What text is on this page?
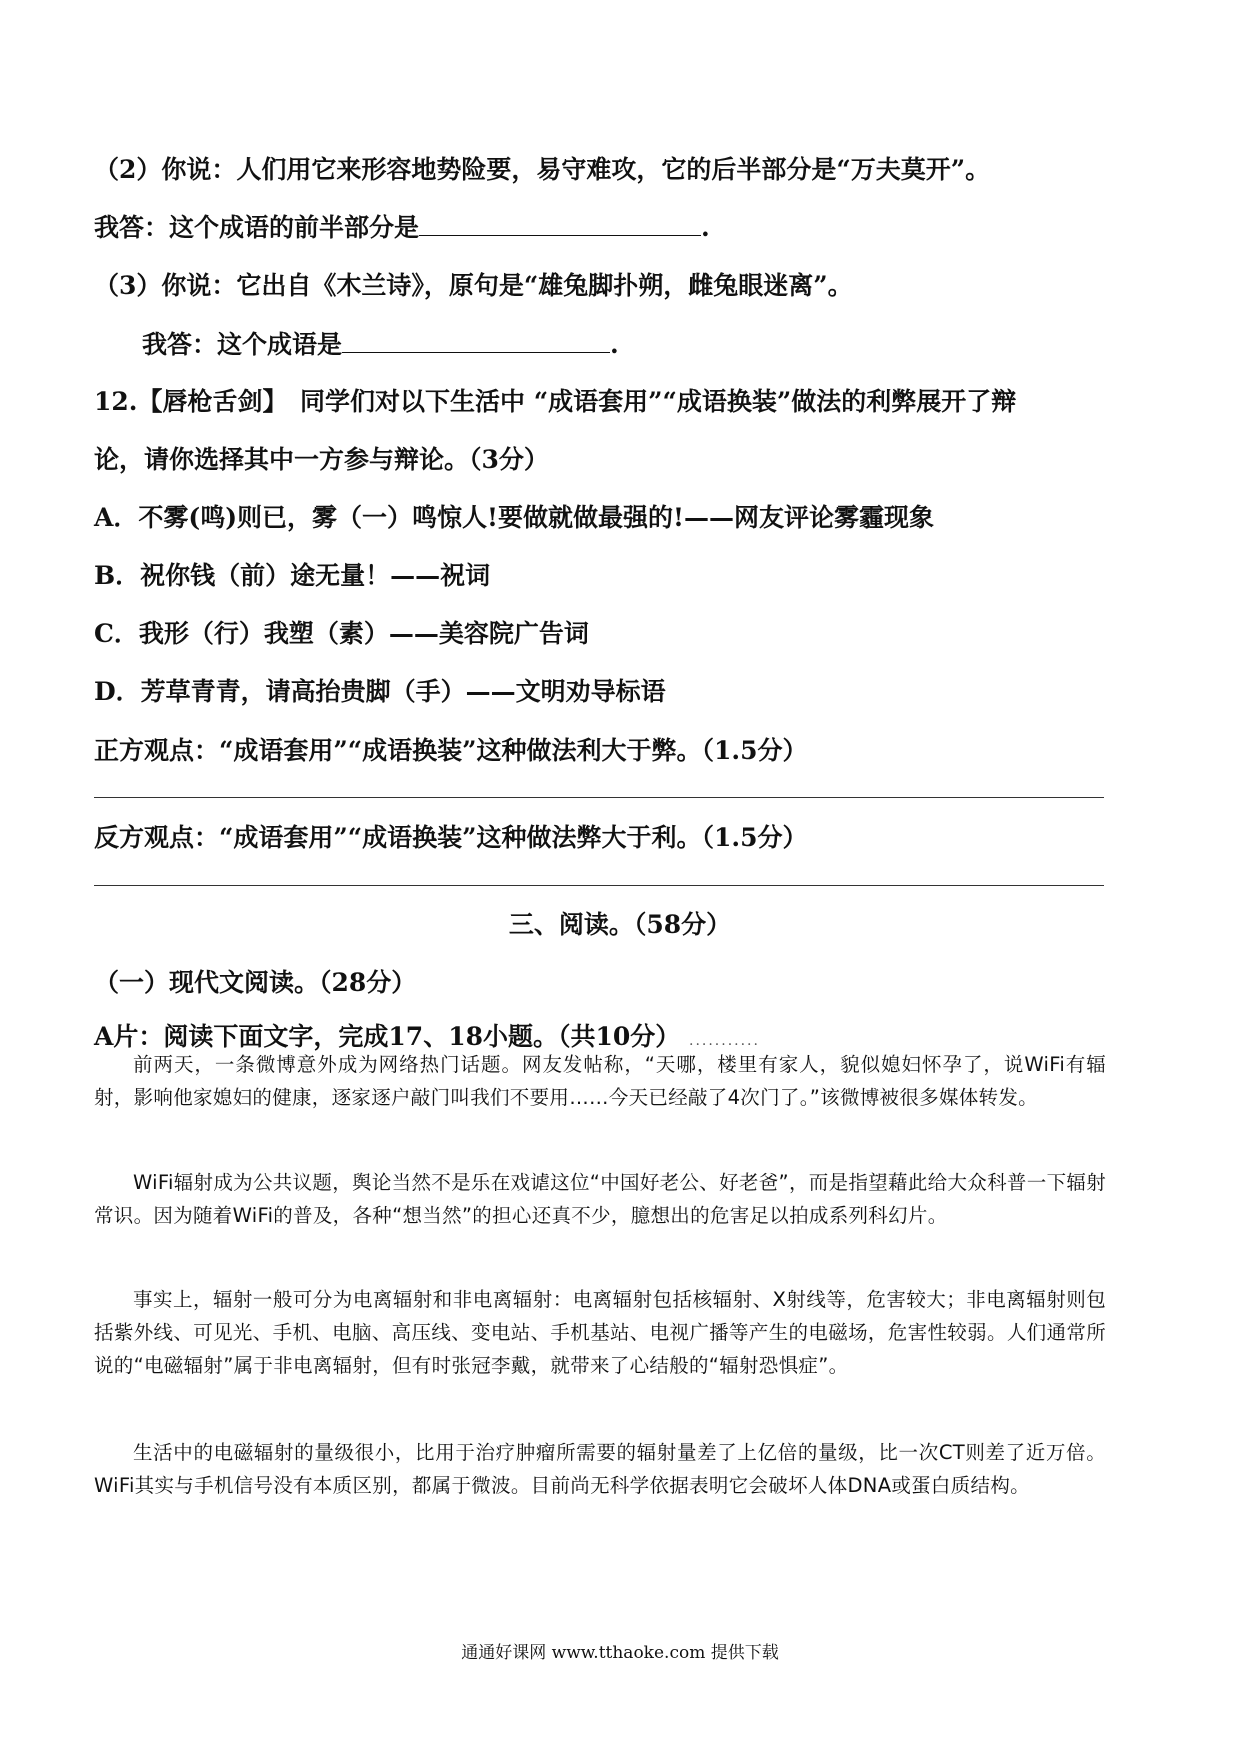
（2）你说：人们用它来形容地势险要，易守难攻，它的后半部分是“万夫莫开”。
我答：这个成语的前半部分是	.
（3）你说：它出自《木兰诗》，原句是“雄兔脚扑朔，雌兔眼迷离”。
我答：这个成语是	.
12.【唇枪舌剑】　同学们对以下生活中 “成语套用”“成语换装”做法的利弊展开了辩
论，请你选择其中一方参与辩论。（3分）
A．不雾(鸣)则已，雾（一）鸣惊人!要做就做最强的!——网友评论雾霾现象
B．祝你钱（前）途无量！——祝词
C．我形（行）我塑（素）——美容院广告词
D．芳草青青，请高抬贵脚（手）——文明劝导标语
正方观点：“成语套用”“成语换装”这种做法利大于弊。（1.5分）
反方观点：“成语套用”“成语换装”这种做法弊大于利。（1.5分）
三、阅读。（58分）
（一）现代文阅读。（28分）
A片：阅读下面文字，完成17、18小题。（共10分） ...........

前两天，一条微博意外成为网络热门话题。网友发帖称，“天哪，楼里有家人，貌似媳妇怀孕了，说WiFi有辐射，影响他家媳妇的健康，逐家逐户敲门叫我们不要用……今天已经敲了4次门了。”该微博被很多媒体转发。

WiFi辐射成为公共议题，舆论当然不是乐在戏谑这位“中国好老公、好老爸”，而是指望藉此给大众科普一下辐射常识。因为随着WiFi的普及，各种“想当然”的担心还真不少，臆想出的危害足以拍成系列科幻片。

事实上，辐射一般可分为电离辐射和非电离辐射：电离辐射包括核辐射、X射线等，危害较大；非电离辐射则包括紫外线、可见光、手机、电脑、高压线、变电站、手机基站、电视广播等产生的电磁场，危害性较弱。人们通常所说的“电磁辐射”属于非电离辐射，但有时张冠李戴，就带来了心结般的“辐射恐惧症”。

生活中的电磁辐射的量级很小，比用于治疗肿瘤所需要的辐射量差了上亿倍的量级，比一次CT则差了近万倍。WiFi其实与手机信号没有本质区别，都属于微波。目前尚无科学依据表明它会破坏人体DNA或蛋白质结构。

通通好课网 www.tthaoke.com 提供下载
